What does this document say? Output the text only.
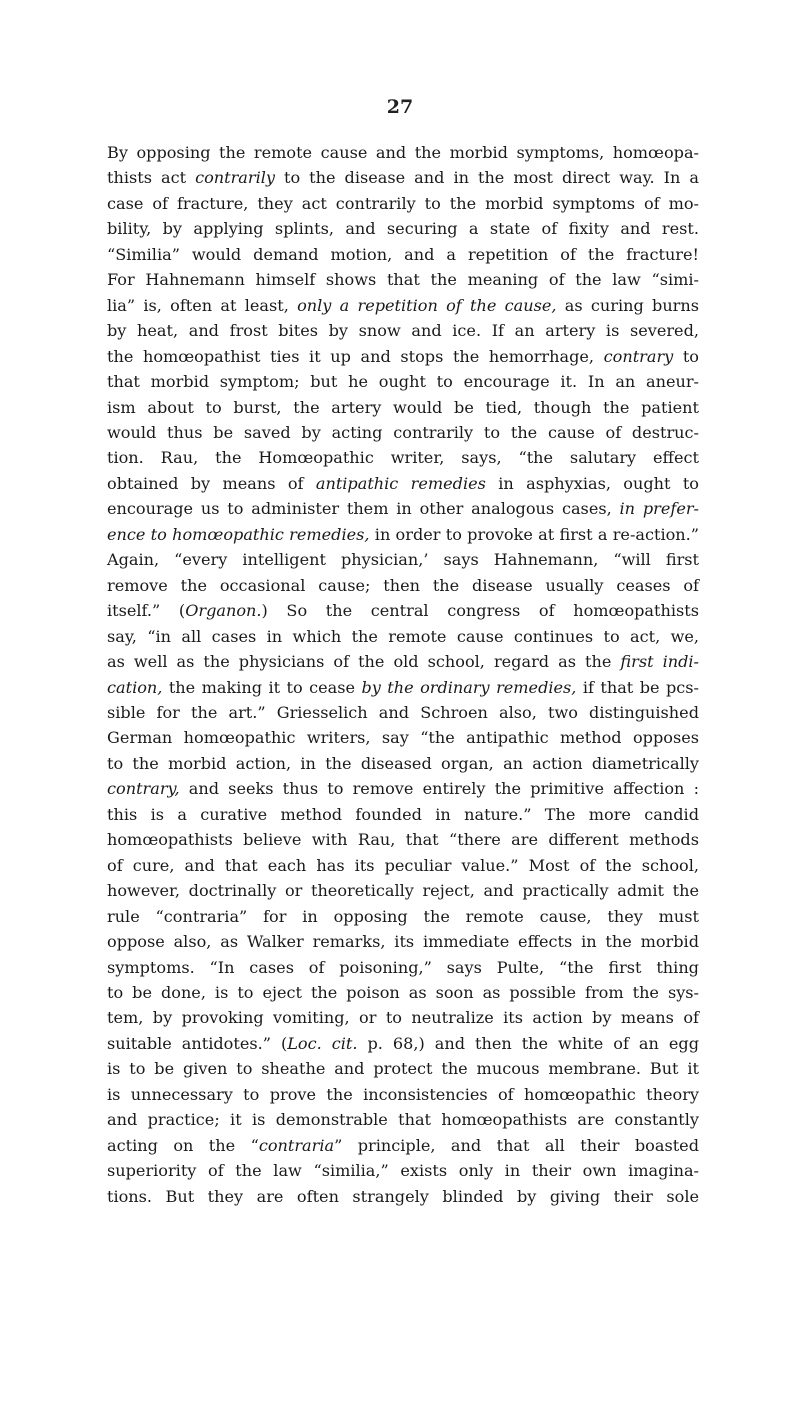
27
By opposing the remote cause and the morbid symptoms, homœopa-
thists act contrarily to the disease and in the most direct way. In a
case of fracture, they act contrarily to the morbid symptoms of mo-
bility, by applying splints, and securing a state of fixity and rest.
“Similia” would demand motion, and a repetition of the fracture!
For Hahnemann himself shows that the meaning of the law “simi-
lia” is, often at least, only a repetition of the cause, as curing burns
by heat, and frost bites by snow and ice. If an artery is severed,
the homœopathist ties it up and stops the hemorrhage, contrary to
that morbid symptom; but he ought to encourage it. In an aneur-
ism about to burst, the artery would be tied, though the patient
would thus be saved by acting contrarily to the cause of destruc-
tion. Rau, the Homœopathic writer, says, “the salutary effect
obtained by means of antipathic remedies in asphyxias, ought to
encourage us to administer them in other analogous cases, in prefer-
ence to homœopathic remedies, in order to provoke at first a re-action.”
Again, “every intelligent physician,’ says Hahnemann, “will first
remove the occasional cause; then the disease usually ceases of
itself.” (Organon.) So the central congress of homœopathists
say, “in all cases in which the remote cause continues to act, we,
as well as the physicians of the old school, regard as the first indi-
cation, the making it to cease by the ordinary remedies, if that be pcs-
sible for the art.” Griesselich and Schroen also, two distinguished
German homœopathic writers, say “the antipathic method opposes
to the morbid action, in the diseased organ, an action diametrically
contrary, and seeks thus to remove entirely the primitive affection :
this is a curative method founded in nature.” The more candid
homœopathists believe with Rau, that “there are different methods
of cure, and that each has its peculiar value.” Most of the school,
however, doctrinally or theoretically reject, and practically admit the
rule “contraria” for in opposing the remote cause, they must
oppose also, as Walker remarks, its immediate effects in the morbid
symptoms. “In cases of poisoning,” says Pulte, “the first thing
to be done, is to eject the poison as soon as possible from the sys-
tem, by provoking vomiting, or to neutralize its action by means of
suitable antidotes.” (Loc. cit. p. 68,) and then the white of an egg
is to be given to sheathe and protect the mucous membrane. But it
is unnecessary to prove the inconsistencies of homœopathic theory
and practice; it is demonstrable that homœopathists are constantly
acting on the “contraria” principle, and that all their boasted
superiority of the law “similia,” exists only in their own imagina-
tions. But they are often strangely blinded by giving their sole
